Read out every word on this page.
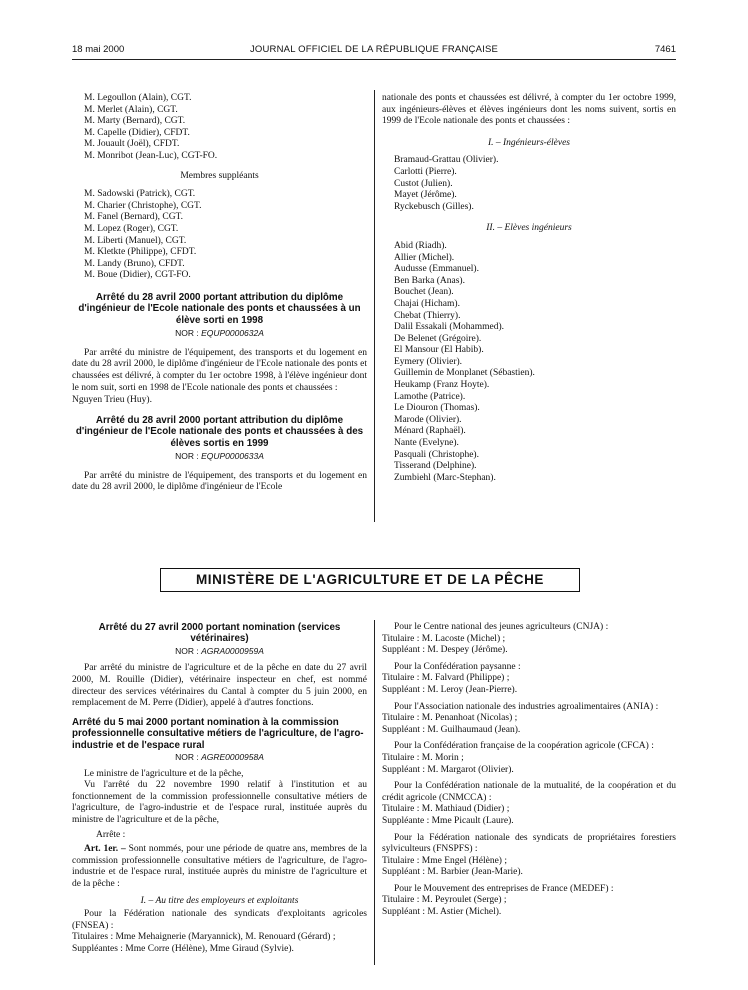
18 mai 2000	JOURNAL OFFICIEL DE LA RÉPUBLIQUE FRANÇAISE	7461
M. Legoullon (Alain), CGT.
M. Merlet (Alain), CGT.
M. Marty (Bernard), CGT.
M. Capelle (Didier), CFDT.
M. Jouault (Joël), CFDT.
M. Monribot (Jean-Luc), CGT-FO.
Membres suppléants
M. Sadowski (Patrick), CGT.
M. Charier (Christophe), CGT.
M. Fanel (Bernard), CGT.
M. Lopez (Roger), CGT.
M. Liberti (Manuel), CGT.
M. Kletkte (Philippe), CFDT.
M. Landy (Bruno), CFDT.
M. Boue (Didier), CGT-FO.
Arrêté du 28 avril 2000 portant attribution du diplôme d'ingénieur de l'Ecole nationale des ponts et chaussées à un élève sorti en 1998
NOR : EQUP0000632A

Par arrêté du ministre de l'équipement, des transports et du logement en date du 28 avril 2000, le diplôme d'ingénieur de l'Ecole nationale des ponts et chaussées est délivré, à compter du 1er octobre 1998, à l'élève ingénieur dont le nom suit, sorti en 1998 de l'Ecole nationale des ponts et chaussées :

Nguyen Trieu (Huy).
Arrêté du 28 avril 2000 portant attribution du diplôme d'ingénieur de l'Ecole nationale des ponts et chaussées à des élèves sortis en 1999
NOR : EQUP0000633A

Par arrêté du ministre de l'équipement, des transports et du logement en date du 28 avril 2000, le diplôme d'ingénieur de l'Ecole

nationale des ponts et chaussées est délivré, à compter du 1er octobre 1999, aux ingénieurs-élèves et élèves ingénieurs dont les noms suivent, sortis en 1999 de l'Ecole nationale des ponts et chaussées :

I. – Ingénieurs-élèves
Bramaud-Grattau (Olivier).
Carlotti (Pierre).
Custot (Julien).
Mayet (Jérôme).
Ryckebusch (Gilles).
II. – Elèves ingénieurs
Abid (Riadh).
Allier (Michel).
Audusse (Emmanuel).
Ben Barka (Anas).
Bouchet (Jean).
Chajai (Hicham).
Chebat (Thierry).
Dalil Essakali (Mohammed).
De Belenet (Grégoire).
El Mansour (El Habib).
Eymery (Olivier).
Guillemin de Monplanet (Sébastien).
Heukamp (Franz Hoyte).
Lamothe (Patrice).
Le Diouron (Thomas).
Marode (Olivier).
Ménard (Raphaël).
Nante (Evelyne).
Pasquali (Christophe).
Tisserand (Delphine).
Zumbiehl (Marc-Stephan).
MINISTÈRE DE L'AGRICULTURE ET DE LA PÊCHE
Arrêté du 27 avril 2000 portant nomination (services vétérinaires)
NOR : AGRA0000959A

Par arrêté du ministre de l'agriculture et de la pêche en date du 27 avril 2000, M. Rouille (Didier), vétérinaire inspecteur en chef, est nommé directeur des services vétérinaires du Cantal à compter du 5 juin 2000, en remplacement de M. Perre (Didier), appelé à d'autres fonctions.

Arrêté du 5 mai 2000 portant nomination à la commission professionnelle consultative métiers de l'agriculture, de l'agro-industrie et de l'espace rural
NOR : AGRE0000958A

Le ministre de l'agriculture et de la pêche,

Vu l'arrêté du 22 novembre 1990 relatif à l'institution et au fonctionnement de la commission professionnelle consultative métiers de l'agriculture, de l'agro-industrie et de l'espace rural, instituée auprès du ministre de l'agriculture et de la pêche,

Arrête :

Art. 1er. – Sont nommés, pour une période de quatre ans, membres de la commission professionnelle consultative métiers de l'agriculture, de l'agro-industrie et de l'espace rural, instituée auprès du ministre de l'agriculture et de la pêche :

I. – Au titre des employeurs et exploitants

Pour la Fédération nationale des syndicats d'exploitants agricoles (FNSEA) :

Titulaires : Mme Mehaignerie (Maryannick), M. Renouard (Gérard) ;

Suppléantes : Mme Corre (Hélène), Mme Giraud (Sylvie).

Pour le Centre national des jeunes agriculteurs (CNJA) :

Titulaire : M. Lacoste (Michel) ;
Suppléant : M. Despey (Jérôme).

Pour la Confédération paysanne :

Titulaire : M. Falvard (Philippe) ;
Suppléant : M. Leroy (Jean-Pierre).

Pour l'Association nationale des industries agroalimentaires (ANIA) :

Titulaire : M. Penanhoat (Nicolas) ;
Suppléant : M. Guilhaumaud (Jean).

Pour la Confédération française de la coopération agricole (CFCA) :

Titulaire : M. Morin ;
Suppléant : M. Margarot (Olivier).

Pour la Confédération nationale de la mutualité, de la coopération et du crédit agricole (CNMCCA) :

Titulaire : M. Mathiaud (Didier) ;
Suppléante : Mme Picault (Laure).

Pour la Fédération nationale des syndicats de propriétaires forestiers sylviculteurs (FNSPFS) :

Titulaire : Mme Engel (Hélène) ;
Suppléant : M. Barbier (Jean-Marie).

Pour le Mouvement des entreprises de France (MEDEF) :

Titulaire : M. Peyroulet (Serge) ;
Suppléant : M. Astier (Michel).
